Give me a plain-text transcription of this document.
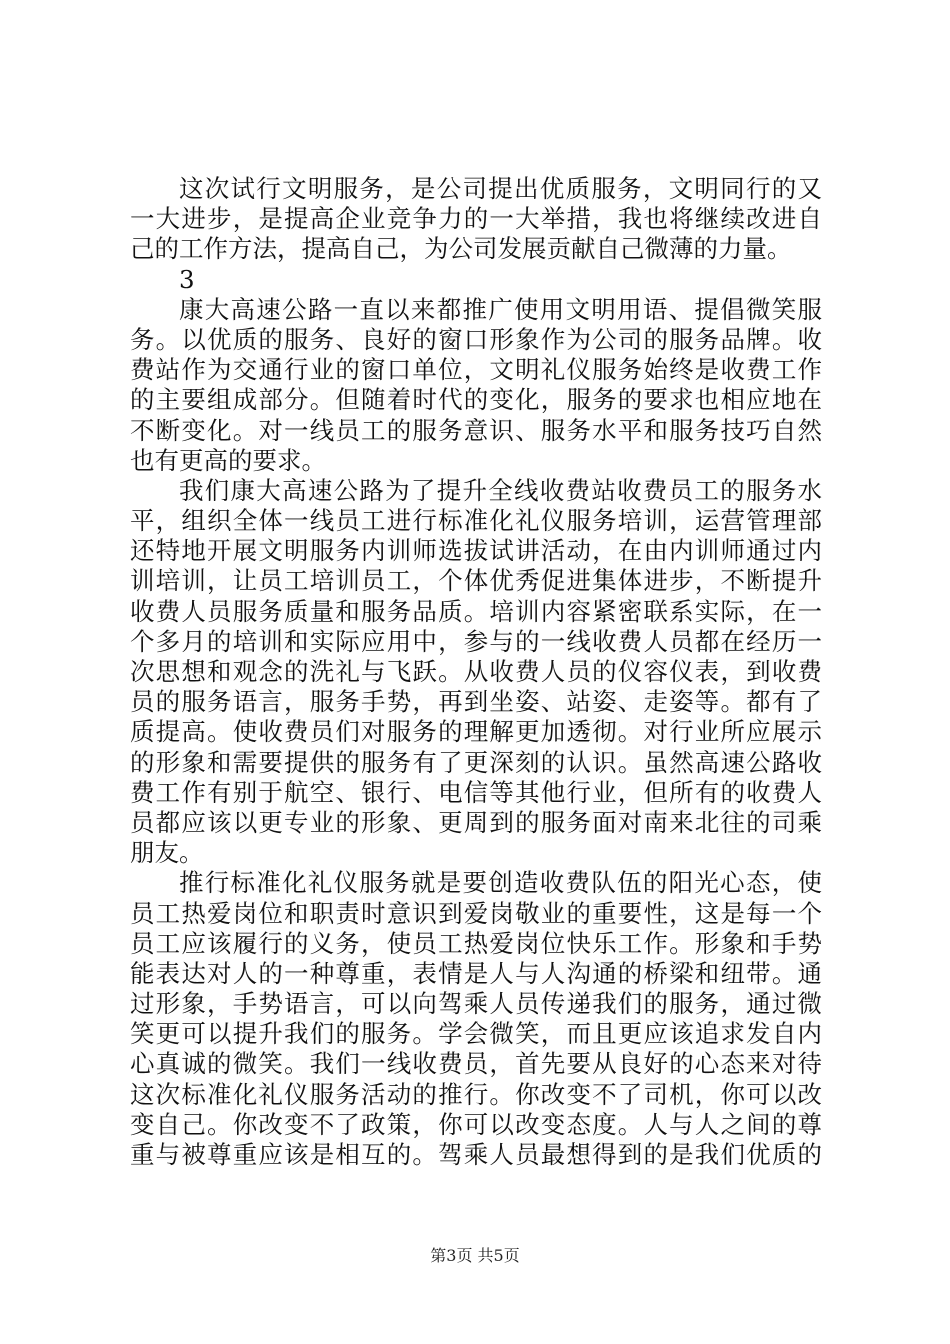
这次试行文明服务，是公司提出优质服务，文明同行的又
一大进步，是提高企业竞争力的一大举措，我也将继续改进自
己的工作方法，提高自己，为公司发展贡献自己微薄的力量。
3
康大高速公路一直以来都推广使用文明用语、提倡微笑服
务。以优质的服务、良好的窗口形象作为公司的服务品牌。收
费站作为交通行业的窗口单位，文明礼仪服务始终是收费工作
的主要组成部分。但随着时代的变化，服务的要求也相应地在
不断变化。对一线员工的服务意识、服务水平和服务技巧自然
也有更高的要求。
我们康大高速公路为了提升全线收费站收费员工的服务水
平，组织全体一线员工进行标准化礼仪服务培训，运营管理部
还特地开展文明服务内训师选拔试讲活动，在由内训师通过内
训培训，让员工培训员工，个体优秀促进集体进步，不断提升
收费人员服务质量和服务品质。培训内容紧密联系实际，在一
个多月的培训和实际应用中，参与的一线收费人员都在经历一
次思想和观念的洗礼与飞跃。从收费人员的仪容仪表，到收费
员的服务语言，服务手势，再到坐姿、站姿、走姿等。都有了
质提高。使收费员们对服务的理解更加透彻。对行业所应展示
的形象和需要提供的服务有了更深刻的认识。虽然高速公路收
费工作有别于航空、银行、电信等其他行业，但所有的收费人
员都应该以更专业的形象、更周到的服务面对南来北往的司乘
朋友。
推行标准化礼仪服务就是要创造收费队伍的阳光心态，使
员工热爱岗位和职责时意识到爱岗敬业的重要性，这是每一个
员工应该履行的义务，使员工热爱岗位快乐工作。形象和手势
能表达对人的一种尊重，表情是人与人沟通的桥梁和纽带。通
过形象，手势语言，可以向驾乘人员传递我们的服务，通过微
笑更可以提升我们的服务。学会微笑，而且更应该追求发自内
心真诚的微笑。我们一线收费员，首先要从良好的心态来对待
这次标准化礼仪服务活动的推行。你改变不了司机，你可以改
变自己。你改变不了政策，你可以改变态度。人与人之间的尊
重与被尊重应该是相互的。驾乘人员最想得到的是我们优质的
第3页 共5页
